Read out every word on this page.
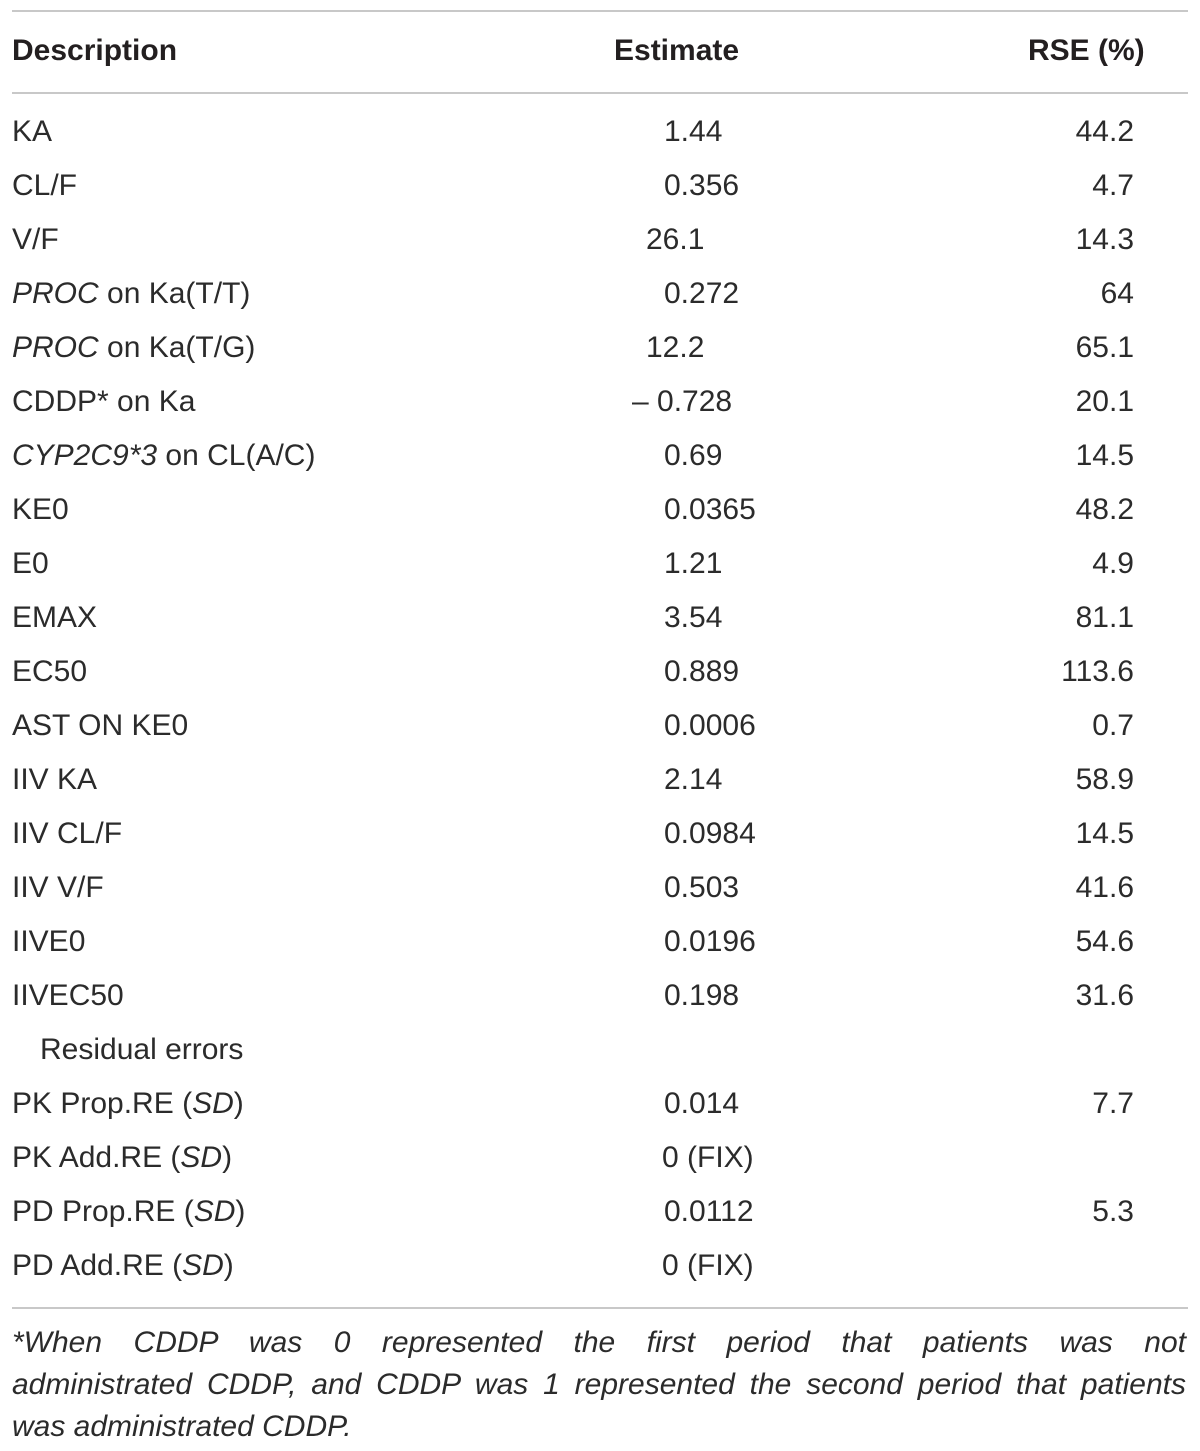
Description	Estimate	RSE (%)
KA	1.44	44.2
CL/F	0.356	4.7
V/F	26.1	14.3
PROC on Ka(T/T)	0.272	64
PROC on Ka(T/G)	12.2	65.1
CDDP* on Ka	– 0.728	20.1
CYP2C9*3 on CL(A/C)	0.69	14.5
KE0	0.0365	48.2
E0	1.21	4.9
EMAX	3.54	81.1
EC50	0.889	113.6
AST ON KE0	0.0006	0.7
IIV KA	2.14	58.9
IIV CL/F	0.0984	14.5
IIV V/F	0.503	41.6
IIVE0	0.0196	54.6
IIVEC50	0.198	31.6
Residual errors
PK Prop.RE (SD)	0.014	7.7
PK Add.RE (SD)	0 (FIX)
PD Prop.RE (SD)	0.0112	5.3
PD Add.RE (SD)	0 (FIX)
*When CDDP was 0 represented the first period that patients was not
administrated CDDP, and CDDP was 1 represented the second period that patients
was administrated CDDP.
